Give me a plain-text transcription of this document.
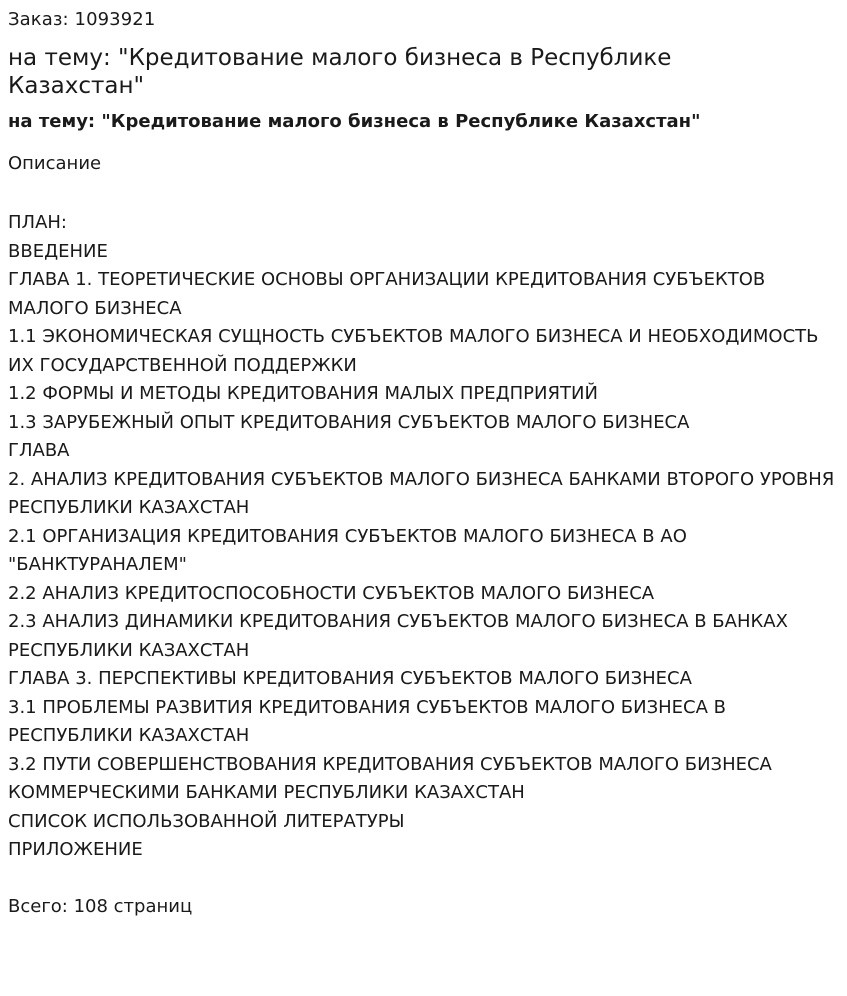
Заказ: 1093921

на тему: "Кредитование малого бизнеса в Республике Казахстан"
на тему: "Кредитование малого бизнеса в Республике Казахстан"

Описание

ПЛАН:
ВВЕДЕНИЕ
ГЛАВА 1. ТЕОРЕТИЧЕСКИЕ ОСНОВЫ ОРГАНИЗАЦИИ КРЕДИТОВАНИЯ СУБЪЕКТОВ МАЛОГО БИЗНЕСА
1.1 ЭКОНОМИЧЕСКАЯ СУЩНОСТЬ СУБЪЕКТОВ МАЛОГО БИЗНЕСА И НЕОБХОДИМОСТЬ ИХ ГОСУДАРСТВЕННОЙ ПОДДЕРЖКИ
1.2 ФОРМЫ И МЕТОДЫ КРЕДИТОВАНИЯ МАЛЫХ ПРЕДПРИЯТИЙ
1.3 ЗАРУБЕЖНЫЙ ОПЫТ КРЕДИТОВАНИЯ СУБЪЕКТОВ МАЛОГО БИЗНЕСА
ГЛАВА
2. АНАЛИЗ КРЕДИТОВАНИЯ СУБЪЕКТОВ МАЛОГО БИЗНЕСА БАНКАМИ ВТОРОГО УРОВНЯ РЕСПУБЛИКИ КАЗАХСТАН
2.1 ОРГАНИЗАЦИЯ КРЕДИТОВАНИЯ СУБЪЕКТОВ МАЛОГО БИЗНЕСА В АО "БАНКТУРАНАЛЕМ"
2.2 АНАЛИЗ КРЕДИТОСПОСОБНОСТИ СУБЪЕКТОВ МАЛОГО БИЗНЕСА
2.3 АНАЛИЗ ДИНАМИКИ КРЕДИТОВАНИЯ СУБЪЕКТОВ МАЛОГО БИЗНЕСА В БАНКАХ РЕСПУБЛИКИ КАЗАХСТАН
ГЛАВА 3. ПЕРСПЕКТИВЫ КРЕДИТОВАНИЯ СУБЪЕКТОВ МАЛОГО БИЗНЕСА
3.1 ПРОБЛЕМЫ РАЗВИТИЯ КРЕДИТОВАНИЯ СУБЪЕКТОВ МАЛОГО БИЗНЕСА В РЕСПУБЛИКИ КАЗАХСТАН
3.2 ПУТИ СОВЕРШЕНСТВОВАНИЯ КРЕДИТОВАНИЯ СУБЪЕКТОВ МАЛОГО БИЗНЕСА КОММЕРЧЕСКИМИ БАНКАМИ РЕСПУБЛИКИ КАЗАХСТАН
СПИСОК ИСПОЛЬЗОВАННОЙ ЛИТЕРАТУРЫ
ПРИЛОЖЕНИЕ

Всего: 108 страниц
